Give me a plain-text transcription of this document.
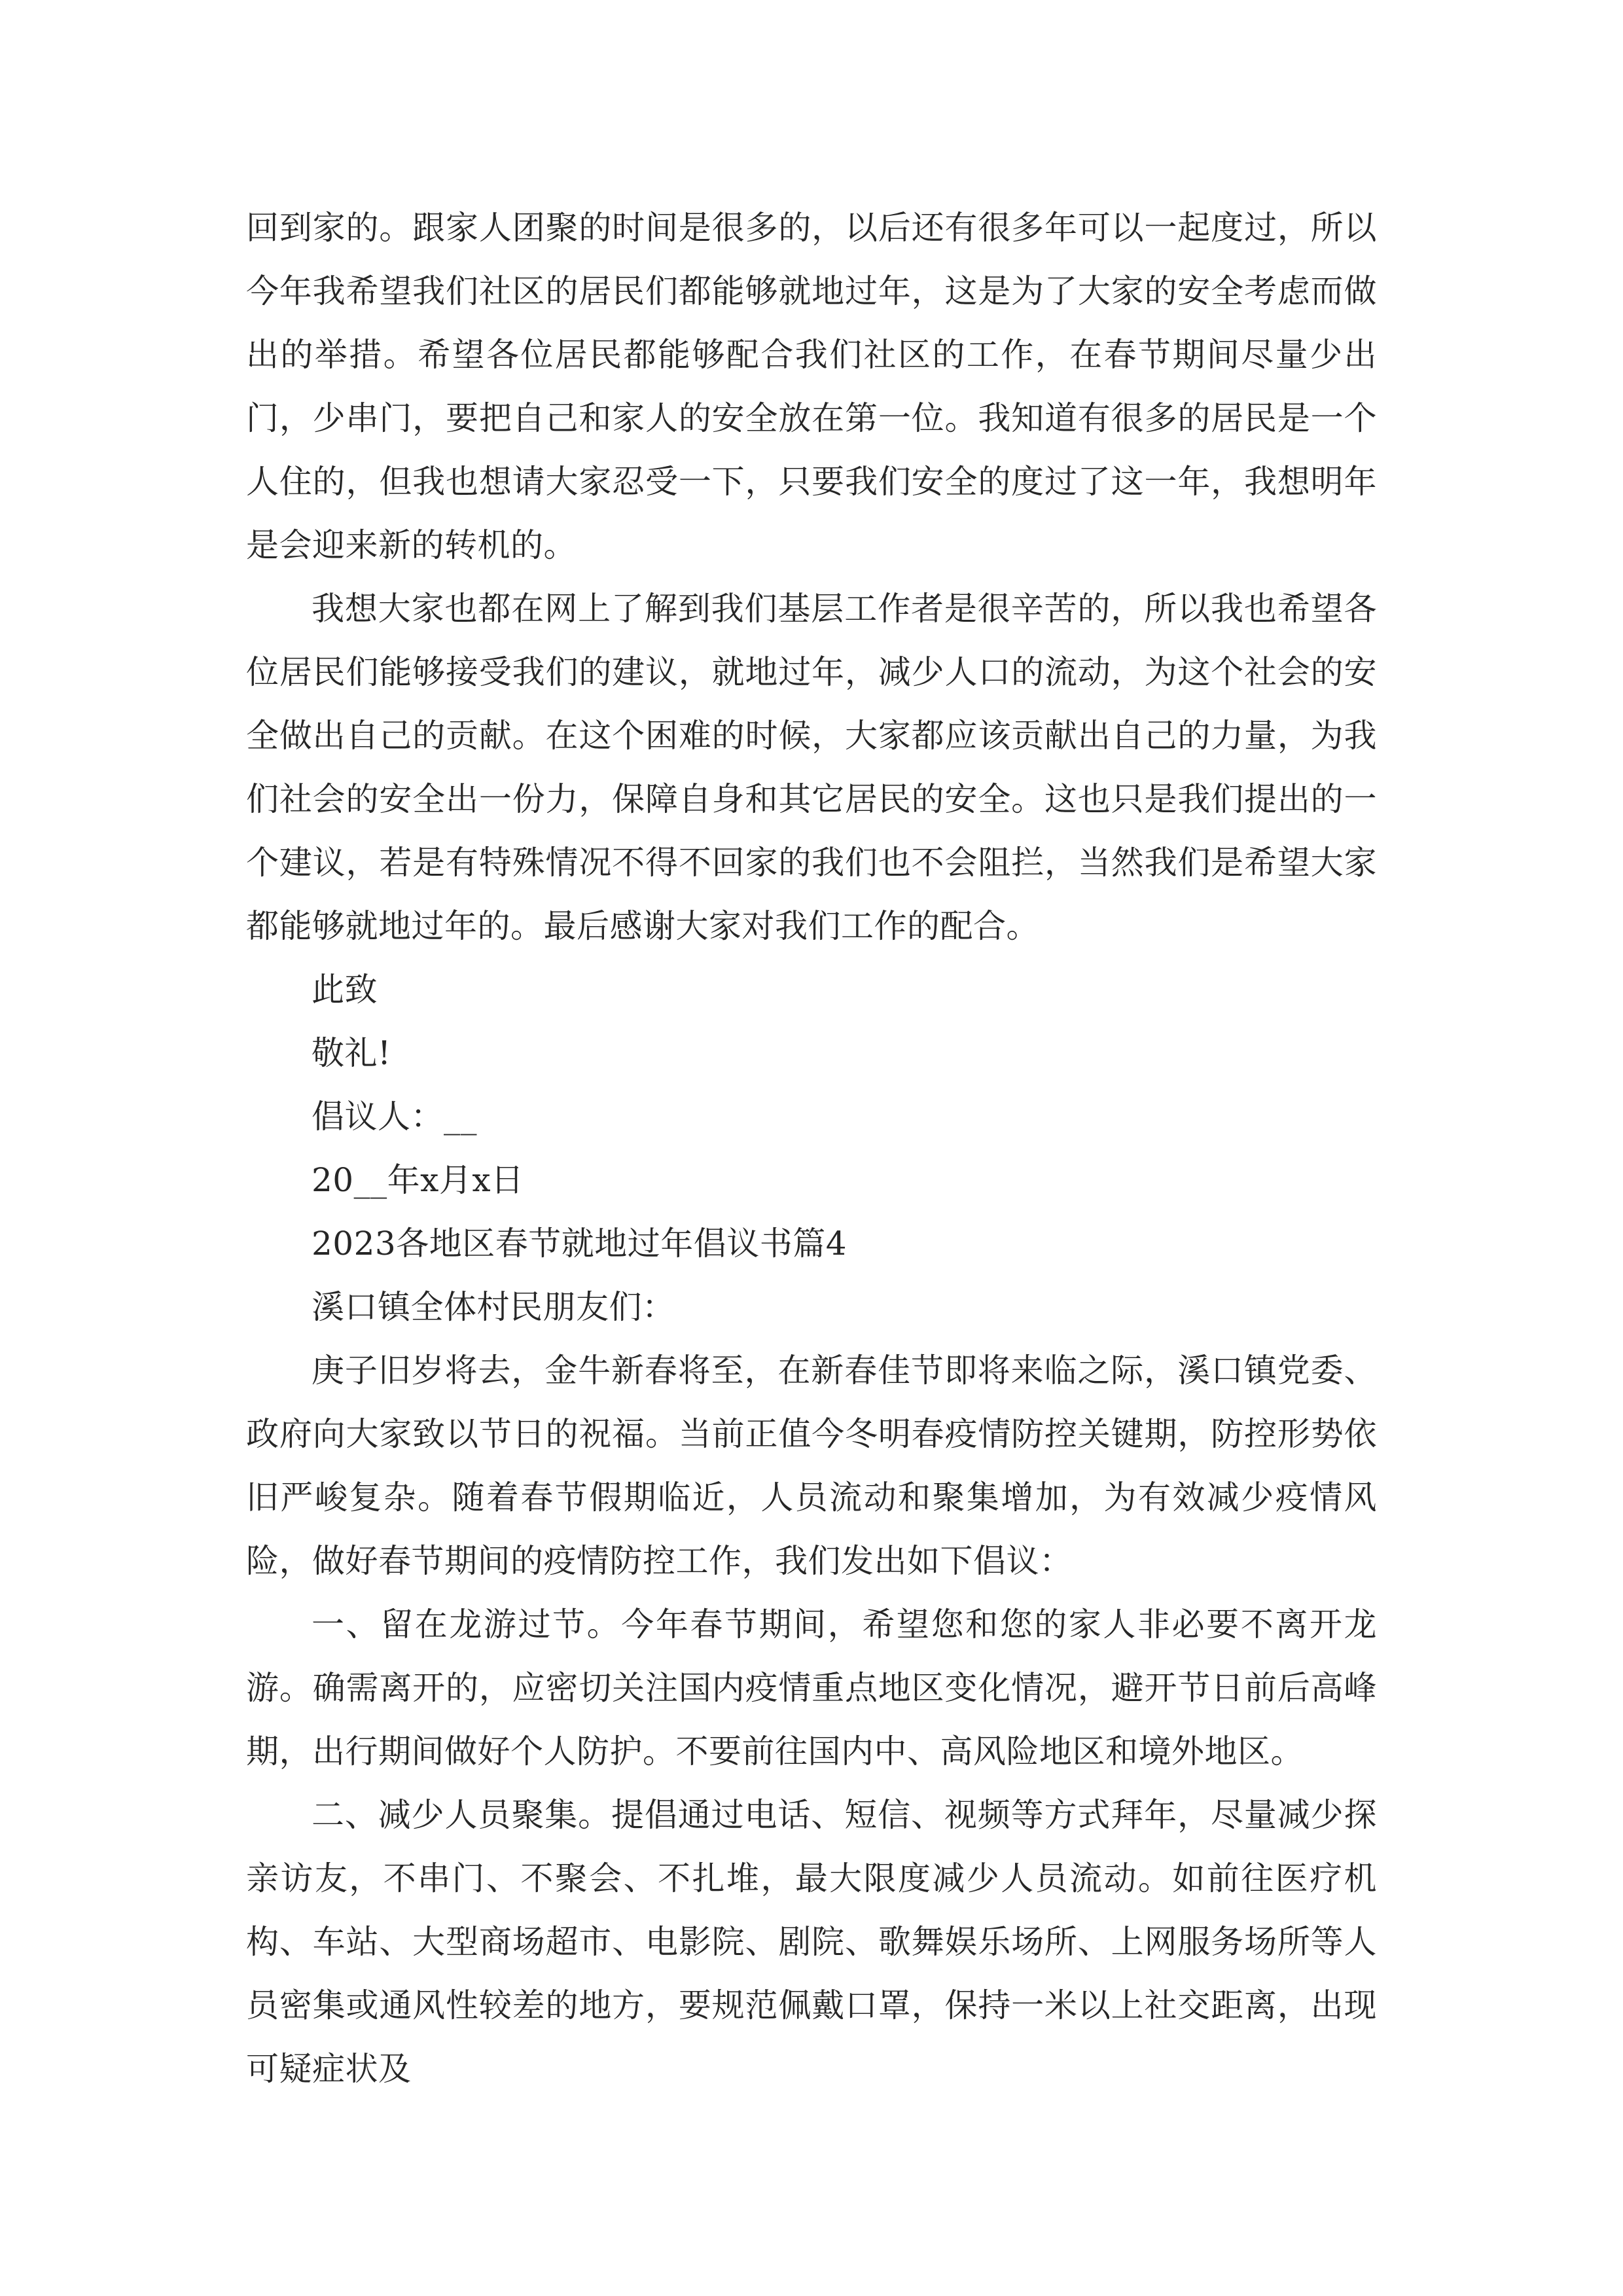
回到家的。跟家人团聚的时间是很多的，以后还有很多年可以一起度过，所以今年我希望我们社区的居民们都能够就地过年，这是为了大家的安全考虑而做出的举措。希望各位居民都能够配合我们社区的工作，在春节期间尽量少出门，少串门，要把自己和家人的安全放在第一位。我知道有很多的居民是一个人住的，但我也想请大家忍受一下，只要我们安全的度过了这一年，我想明年是会迎来新的转机的。

我想大家也都在网上了解到我们基层工作者是很辛苦的，所以我也希望各位居民们能够接受我们的建议，就地过年，减少人口的流动，为这个社会的安全做出自己的贡献。在这个困难的时候，大家都应该贡献出自己的力量，为我们社会的安全出一份力，保障自身和其它居民的安全。这也只是我们提出的一个建议，若是有特殊情况不得不回家的我们也不会阻拦，当然我们是希望大家都能够就地过年的。最后感谢大家对我们工作的配合。

此致

敬礼!

倡议人：__

20__年x月x日

2023各地区春节就地过年倡议书篇4

溪口镇全体村民朋友们：

庚子旧岁将去，金牛新春将至，在新春佳节即将来临之际，溪口镇党委、政府向大家致以节日的祝福。当前正值今冬明春疫情防控关键期，防控形势依旧严峻复杂。随着春节假期临近，人员流动和聚集增加，为有效减少疫情风险，做好春节期间的疫情防控工作，我们发出如下倡议：

一、留在龙游过节。今年春节期间，希望您和您的家人非必要不离开龙游。确需离开的，应密切关注国内疫情重点地区变化情况，避开节日前后高峰期，出行期间做好个人防护。不要前往国内中、高风险地区和境外地区。

二、减少人员聚集。提倡通过电话、短信、视频等方式拜年，尽量减少探亲访友，不串门、不聚会、不扎堆，最大限度减少人员流动。如前往医疗机构、车站、大型商场超市、电影院、剧院、歌舞娱乐场所、上网服务场所等人员密集或通风性较差的地方，要规范佩戴口罩，保持一米以上社交距离，出现可疑症状及
